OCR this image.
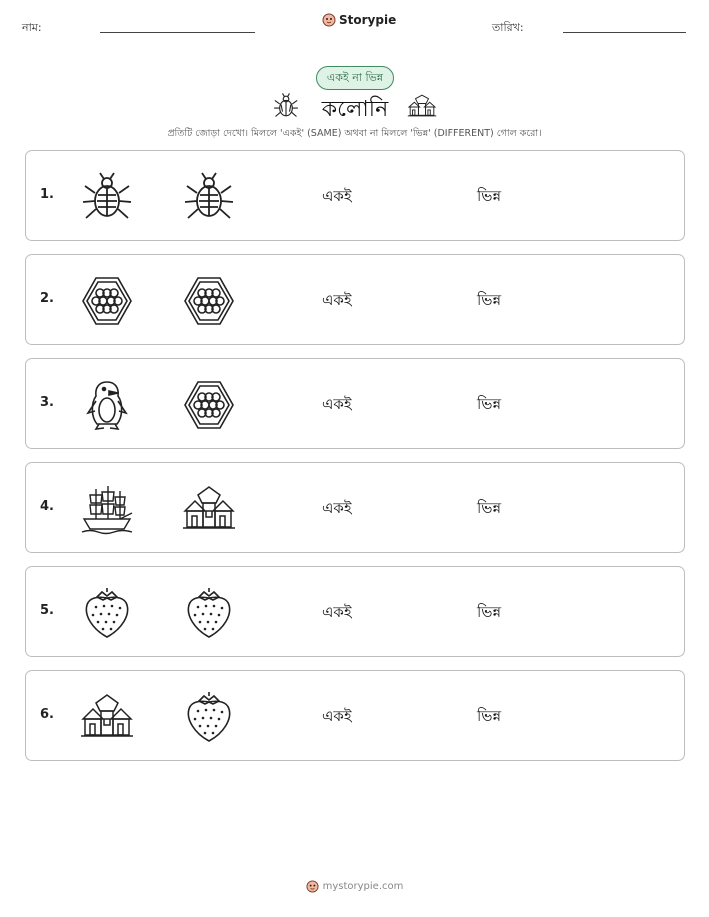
নাম:
Storypie
তারিখ:
একই না ভিন্ন
কলোনি
প্রতিটি জোড়া দেখো। মিললে 'একই' (SAME) অথবা না মিললে 'ভিন্ন' (DIFFERENT) গোল করো।
1.	একই	ভিন্ন
2.	একই	ভিন্ন
3.	একই	ভিন্ন
4.	একই	ভিন্ন
5.	একই	ভিন্ন
6.	একই	ভিন্ন
mystorypie.com
